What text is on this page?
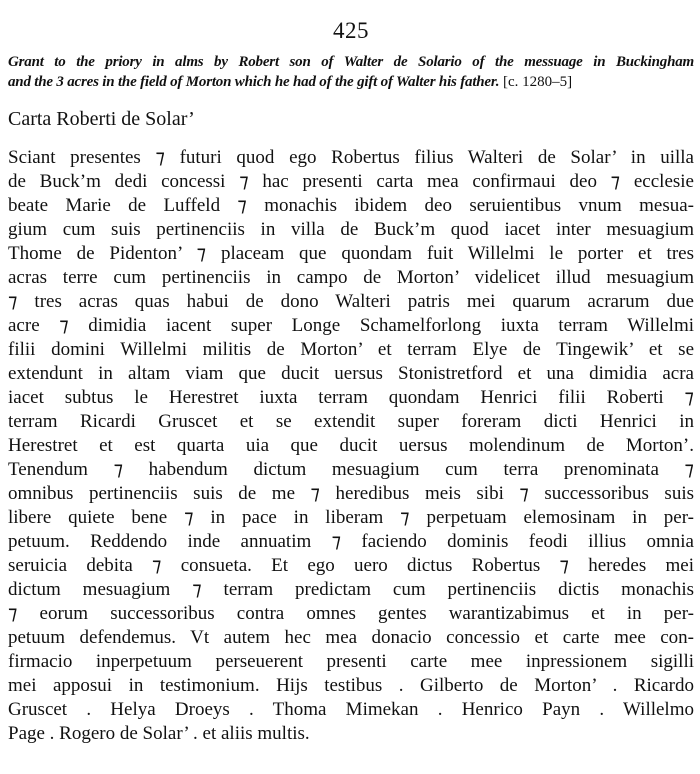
425
Grant to the priory in alms by Robert son of Walter de Solario of the messuage in Buckingham
and the 3 acres in the field of Morton which he had of the gift of Walter his father. [c. 1280–5]
Carta Roberti de Solar’
Sciant presentes ⁊ futuri quod ego Robertus filius Walteri de Solar’ in uilla
de Buck’m dedi concessi ⁊ hac presenti carta mea confirmaui deo ⁊ ecclesie
beate Marie de Luffeld ⁊ monachis ibidem deo seruientibus vnum mesua-
gium cum suis pertinenciis in villa de Buck’m quod iacet inter mesuagium
Thome de Pidenton’ ⁊ placeam que quondam fuit Willelmi le porter et tres
acras terre cum pertinenciis in campo de Morton’ videlicet illud mesuagium
⁊ tres acras quas habui de dono Walteri patris mei quarum acrarum due
acre ⁊ dimidia iacent super Longe Schamelforlong iuxta terram Willelmi
filii domini Willelmi militis de Morton’ et terram Elye de Tingewik’ et se
extendunt in altam viam que ducit uersus Stonistretford et una dimidia acra
iacet subtus le Herestret iuxta terram quondam Henrici filii Roberti ⁊
terram Ricardi Gruscet et se extendit super foreram dicti Henrici in
Herestret et est quarta uia que ducit uersus molendinum de Morton’.
Tenendum ⁊ habendum dictum mesuagium cum terra prenominata ⁊
omnibus pertinenciis suis de me ⁊ heredibus meis sibi ⁊ successoribus suis
libere quiete bene ⁊ in pace in liberam ⁊ perpetuam elemosinam in per-
petuum. Reddendo inde annuatim ⁊ faciendo dominis feodi illius omnia
seruicia debita ⁊ consueta. Et ego uero dictus Robertus ⁊ heredes mei
dictum mesuagium ⁊ terram predictam cum pertinenciis dictis monachis
⁊ eorum successoribus contra omnes gentes warantizabimus et in per-
petuum defendemus. Vt autem hec mea donacio concessio et carte mee con-
firmacio inperpetuum perseuerent presenti carte mee inpressionem sigilli
mei apposui in testimonium. Hijs testibus . Gilberto de Morton’ . Ricardo
Gruscet . Helya Droeys . Thoma Mimekan . Henrico Payn . Willelmo
Page . Rogero de Solar’ . et aliis multis.
